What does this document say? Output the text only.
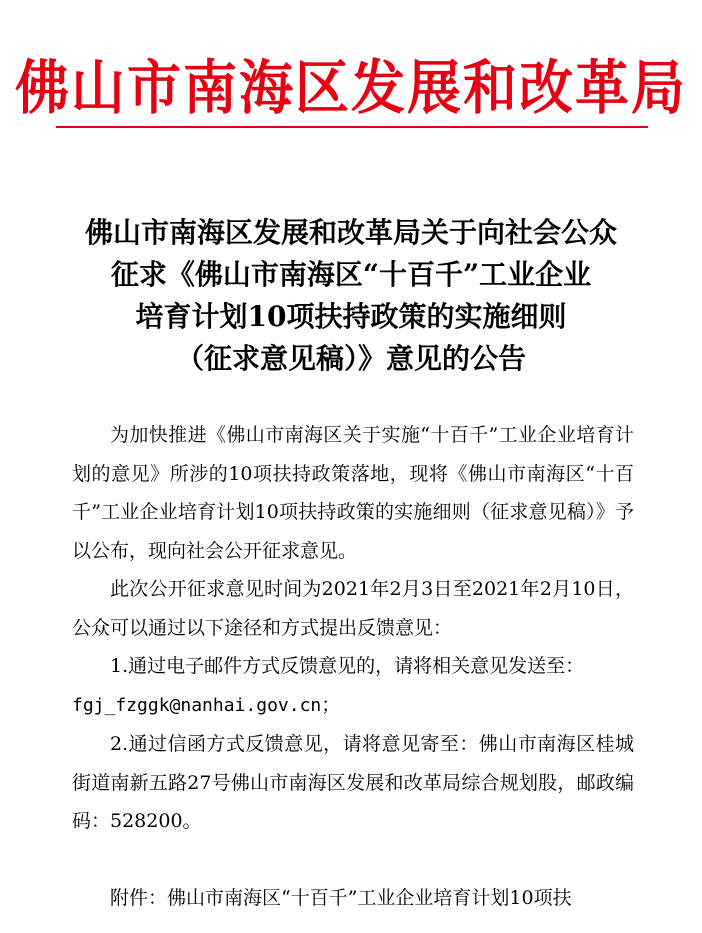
佛山市南海区发展和改革局
佛山市南海区发展和改革局关于向社会公众
征求《佛山市南海区“十百千”工业企业
培育计划10项扶持政策的实施细则
（征求意见稿）》意见的公告

为加快推进《佛山市南海区关于实施“十百千”工业企业培育计划的意见》所涉的10项扶持政策落地，现将《佛山市南海区“十百千”工业企业培育计划10项扶持政策的实施细则（征求意见稿）》予以公布，现向社会公开征求意见。

此次公开征求意见时间为2021年2月3日至2021年2月10日，公众可以通过以下途径和方式提出反馈意见：

1.通过电子邮件方式反馈意见的，请将相关意见发送至：

fgj_fzggk@nanhai.gov.cn；

2.通过信函方式反馈意见，请将意见寄至：佛山市南海区桂城街道南新五路27号佛山市南海区发展和改革局综合规划股，邮政编码：528200。

附件：佛山市南海区“十百千”工业企业培育计划10项扶
